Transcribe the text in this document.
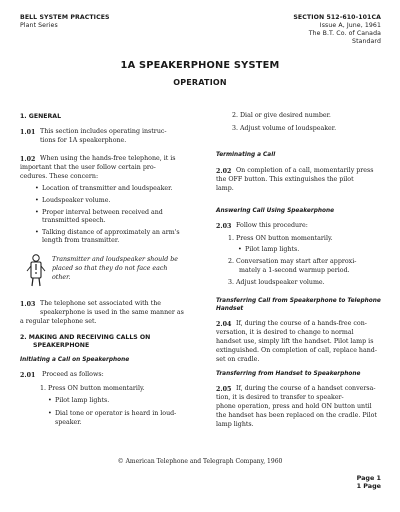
BELL SYSTEM PRACTICES
Plant Series
SECTION 512-610-101CA
Issue A, June, 1961
The B.T. Co. of Canada
Standard
1A SPEAKERPHONE SYSTEM
OPERATION
1. GENERAL
1.01 This section includes operating instruc-
tions for 1A speakerphone.
1.02 When using the hands-free telephone, it is
important that the user follow certain pro-
cedures. These concern:
• Location of transmitter and loudspeaker.
• Loudspeaker volume.
• Proper interval between received and
transmitted speech.
• Talking distance of approximately an arm's
length from transmitter.
Transmitter and loudspeaker should be
placed so that they do not face each
other.
1.03 The telephone set associated with the
speakerphone is used in the same manner as
a regular telephone set.
2. MAKING AND RECEIVING CALLS ON
SPEAKERPHONE
Initiating a Call on Speakerphone
2.01 Proceed as follows:
1. Press ON button momentarily.
• Pilot lamp lights.
• Dial tone or operator is heard in loud-
speaker.
2. Dial or give desired number.
3. Adjust volume of loudspeaker.
Terminating a Call
2.02 On completion of a call, momentarily press
the OFF button. This extinguishes the pilot
lamp.
Answering Call Using Speakerphone
2.03 Follow this procedure:
1. Press ON button momentarily.
• Pilot lamp lights.
2. Conversation may start after approxi-
mately a 1-second warmup period.
3. Adjust loudspeaker volume.
Transferring Call from Speakerphone to Telephone
Handset
2.04 If, during the course of a hands-free con-
versation, it is desired to change to normal
handset use, simply lift the handset. Pilot lamp is
extinguished. On completion of call, replace hand-
set on cradle.
Transferring from Handset to Speakerphone
2.05 If, during the course of a handset conversa-
tion, it is desired to transfer to speaker-
phone operation, press and hold ON button until
the handset has been replaced on the cradle. Pilot
lamp lights.
© American Telephone and Telegraph Company, 1960
Page 1
1 Page
